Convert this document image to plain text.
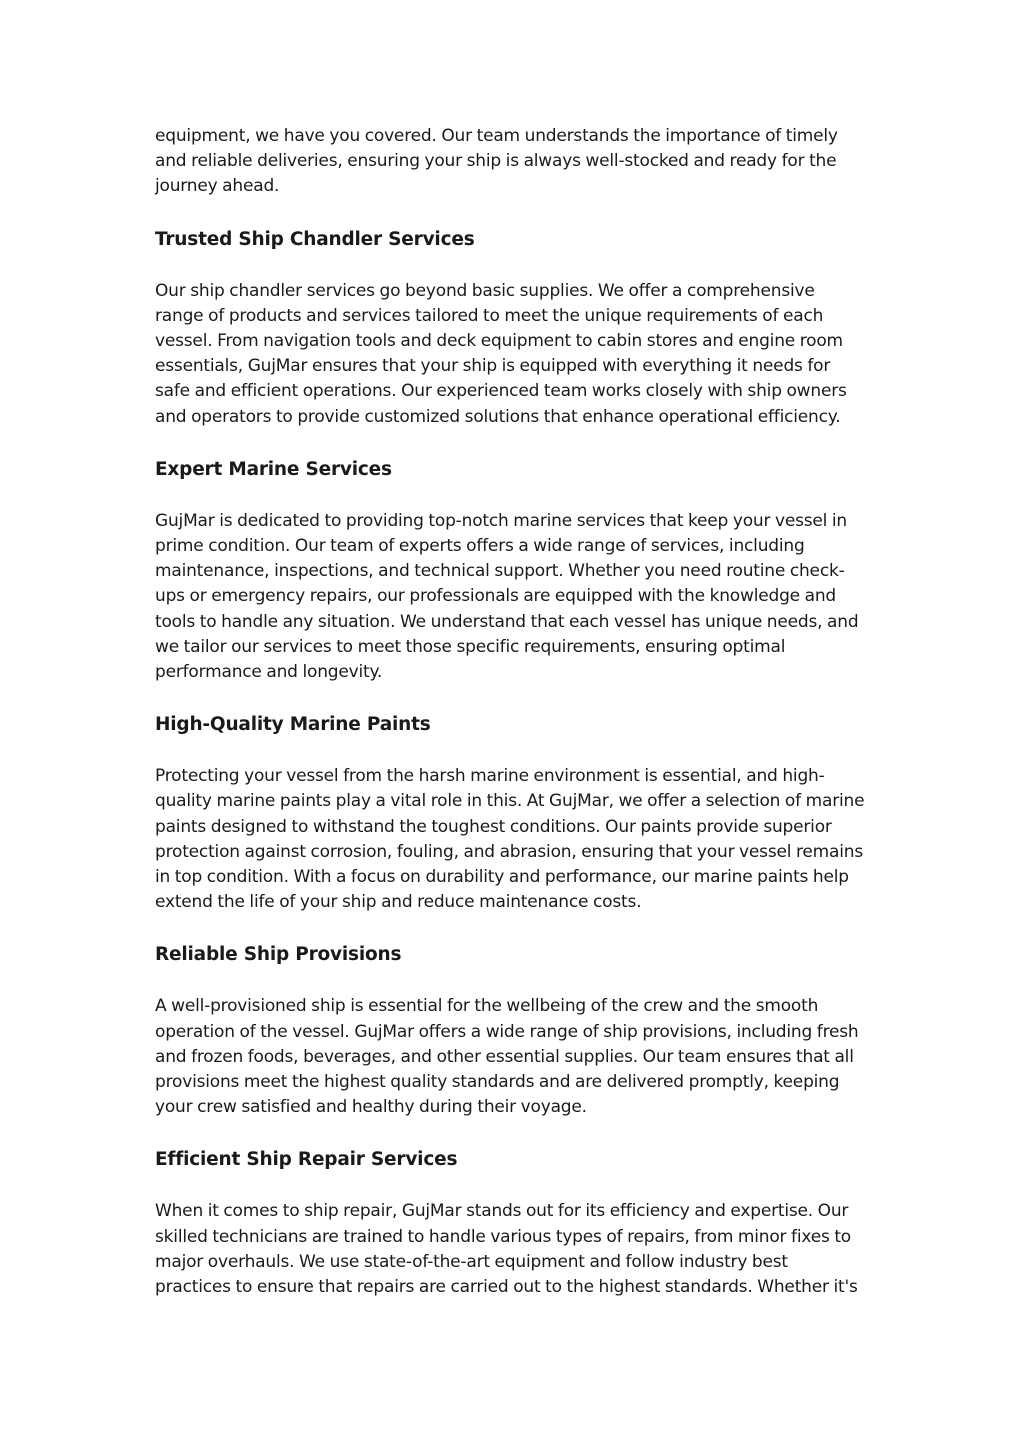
equipment, we have you covered. Our team understands the importance of timely
and reliable deliveries, ensuring your ship is always well-stocked and ready for the
journey ahead.

Trusted Ship Chandler Services

Our ship chandler services go beyond basic supplies. We offer a comprehensive
range of products and services tailored to meet the unique requirements of each
vessel. From navigation tools and deck equipment to cabin stores and engine room
essentials, GujMar ensures that your ship is equipped with everything it needs for
safe and efficient operations. Our experienced team works closely with ship owners
and operators to provide customized solutions that enhance operational efficiency.

Expert Marine Services

GujMar is dedicated to providing top-notch marine services that keep your vessel in
prime condition. Our team of experts offers a wide range of services, including
maintenance, inspections, and technical support. Whether you need routine check-
ups or emergency repairs, our professionals are equipped with the knowledge and
tools to handle any situation. We understand that each vessel has unique needs, and
we tailor our services to meet those specific requirements, ensuring optimal
performance and longevity.

High-Quality Marine Paints

Protecting your vessel from the harsh marine environment is essential, and high-
quality marine paints play a vital role in this. At GujMar, we offer a selection of marine
paints designed to withstand the toughest conditions. Our paints provide superior
protection against corrosion, fouling, and abrasion, ensuring that your vessel remains
in top condition. With a focus on durability and performance, our marine paints help
extend the life of your ship and reduce maintenance costs.

Reliable Ship Provisions

A well-provisioned ship is essential for the wellbeing of the crew and the smooth
operation of the vessel. GujMar offers a wide range of ship provisions, including fresh
and frozen foods, beverages, and other essential supplies. Our team ensures that all
provisions meet the highest quality standards and are delivered promptly, keeping
your crew satisfied and healthy during their voyage.

Efficient Ship Repair Services

When it comes to ship repair, GujMar stands out for its efficiency and expertise. Our
skilled technicians are trained to handle various types of repairs, from minor fixes to
major overhauls. We use state-of-the-art equipment and follow industry best
practices to ensure that repairs are carried out to the highest standards. Whether it's
